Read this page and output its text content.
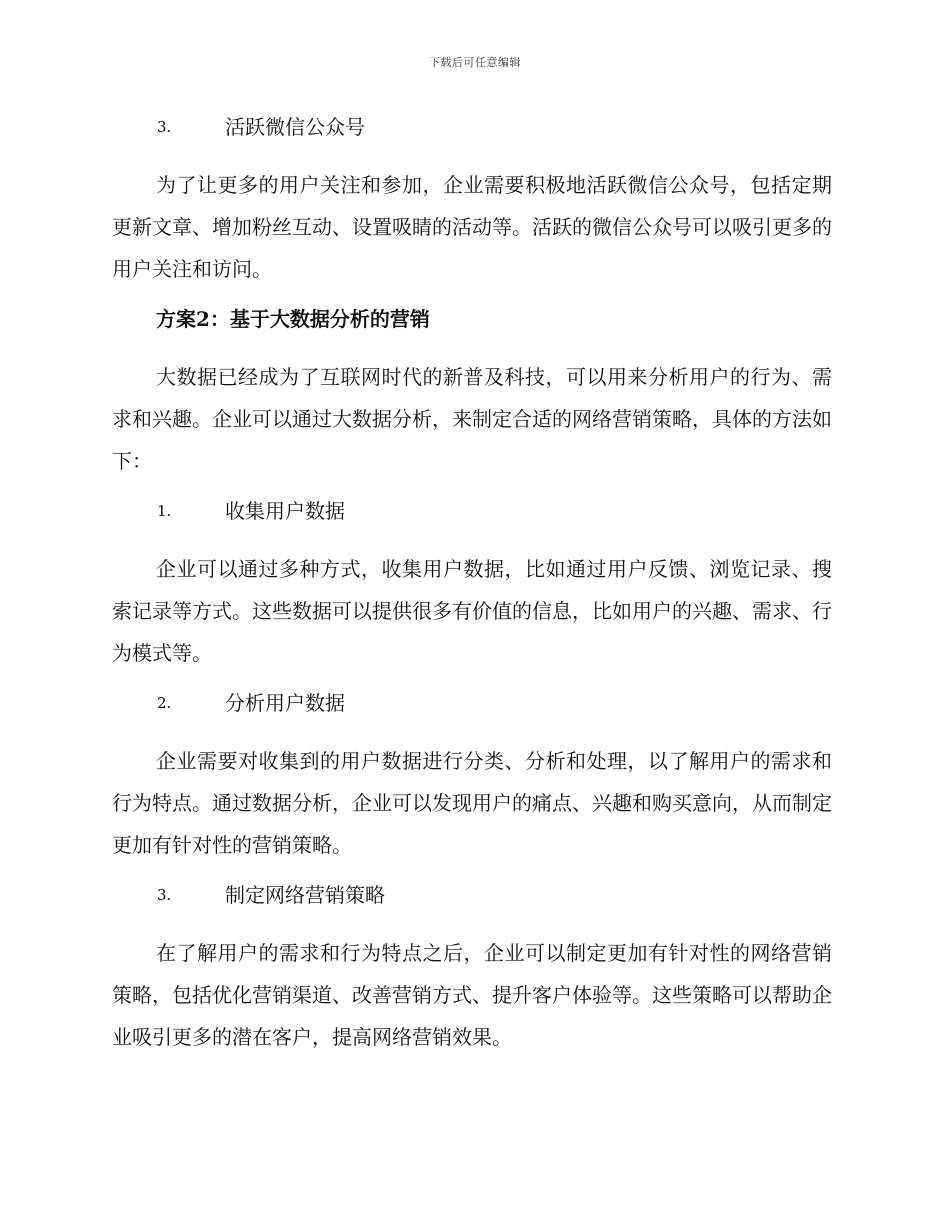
下载后可任意编辑
3.	活跃微信公众号

为了让更多的用户关注和参加，企业需要积极地活跃微信公众号，包括定期更新文章、增加粉丝互动、设置吸睛的活动等。活跃的微信公众号可以吸引更多的用户关注和访问。

方案2：基于大数据分析的营销

大数据已经成为了互联网时代的新普及科技，可以用来分析用户的行为、需求和兴趣。企业可以通过大数据分析，来制定合适的网络营销策略，具体的方法如下：

1.	收集用户数据

企业可以通过多种方式，收集用户数据，比如通过用户反馈、浏览记录、搜索记录等方式。这些数据可以提供很多有价值的信息，比如用户的兴趣、需求、行为模式等。

2.	分析用户数据

企业需要对收集到的用户数据进行分类、分析和处理，以了解用户的需求和行为特点。通过数据分析，企业可以发现用户的痛点、兴趣和购买意向，从而制定更加有针对性的营销策略。

3.	制定网络营销策略

在了解用户的需求和行为特点之后，企业可以制定更加有针对性的网络营销策略，包括优化营销渠道、改善营销方式、提升客户体验等。这些策略可以帮助企业吸引更多的潜在客户，提高网络营销效果。
